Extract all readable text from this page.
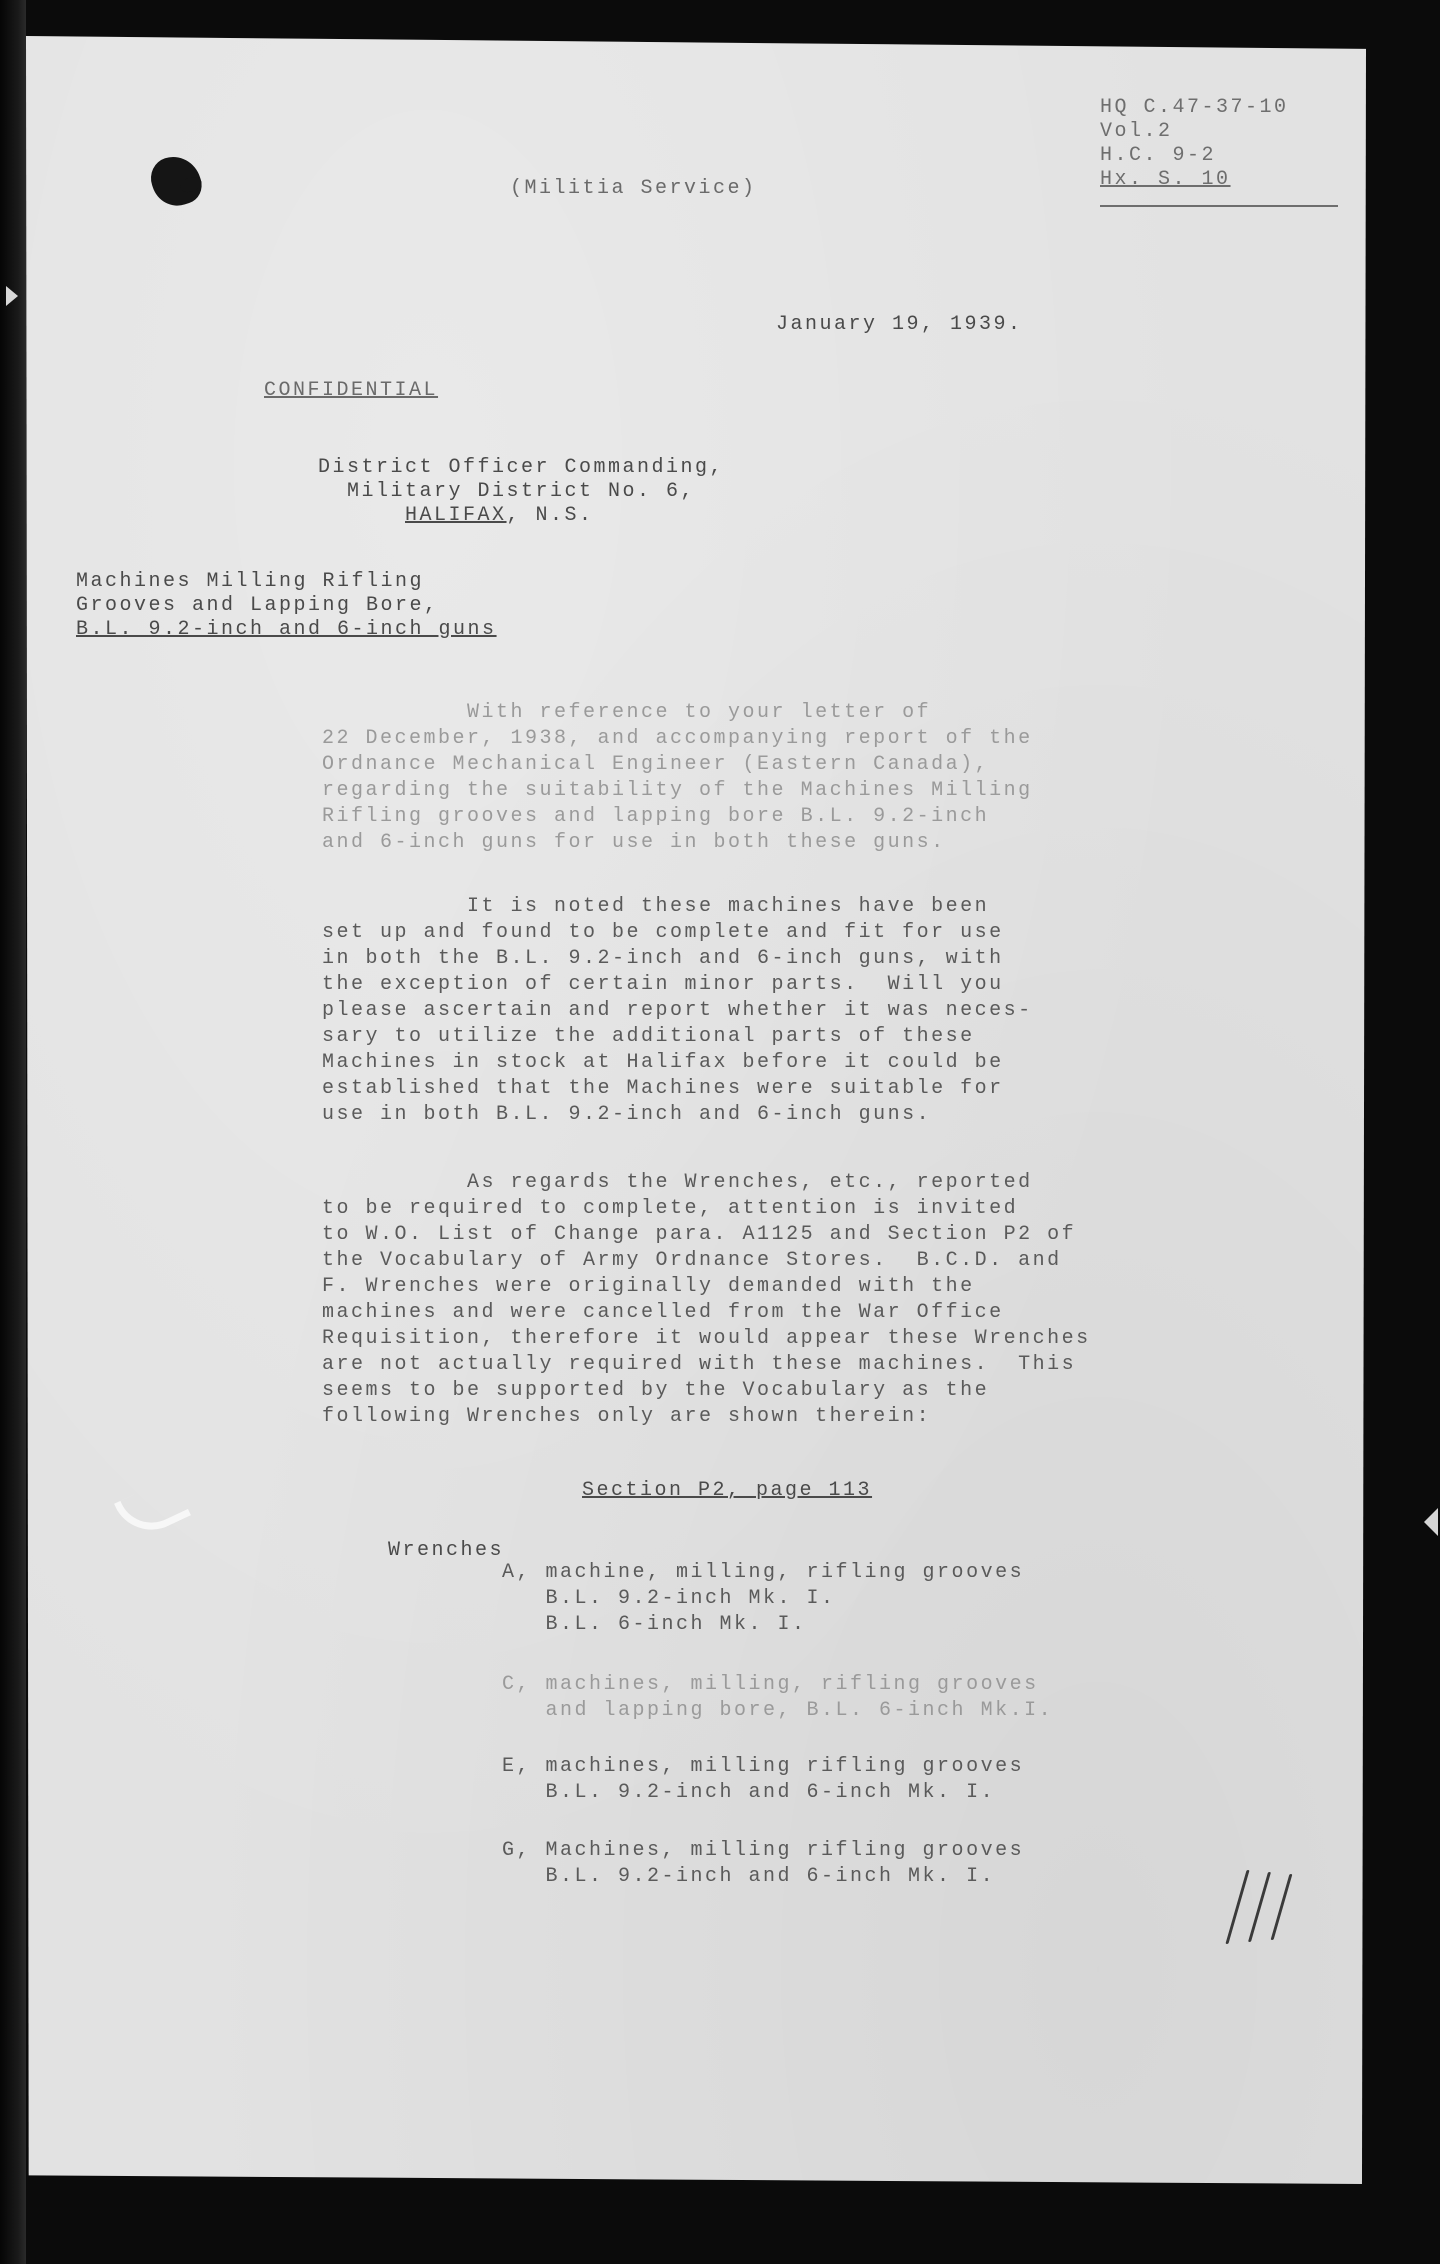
HQ C.47-37-10
Vol.2
H.C. 9-2
Hx. S. 10
(Militia Service)
January 19, 1939.
CONFIDENTIAL
District Officer Commanding,
Military District No. 6,
HALIFAX, N.S.
Machines Milling Rifling
Grooves and Lapping Bore,
B.L. 9.2-inch and 6-inch guns
With reference to your letter of
22 December, 1938, and accompanying report of the
Ordnance Mechanical Engineer (Eastern Canada),
regarding the suitability of the Machines Milling
Rifling grooves and lapping bore B.L. 9.2-inch
and 6-inch guns for use in both these guns.
It is noted these machines have been
set up and found to be complete and fit for use
in both the B.L. 9.2-inch and 6-inch guns, with
the exception of certain minor parts.  Will you
please ascertain and report whether it was neces-
sary to utilize the additional parts of these
Machines in stock at Halifax before it could be
established that the Machines were suitable for
use in both B.L. 9.2-inch and 6-inch guns.
As regards the Wrenches, etc., reported
to be required to complete, attention is invited
to W.O. List of Change para. A1125 and Section P2 of
the Vocabulary of Army Ordnance Stores.  B.C.D. and
F. Wrenches were originally demanded with the
machines and were cancelled from the War Office
Requisition, therefore it would appear these Wrenches
are not actually required with these machines.  This
seems to be supported by the Vocabulary as the
following Wrenches only are shown therein:
Section P2, page 113
Wrenches
A, machine, milling, rifling grooves
B.L. 9.2-inch Mk. I.
B.L. 6-inch Mk. I.
C, machines, milling, rifling grooves
and lapping bore, B.L. 6-inch Mk.I.
E, machines, milling rifling grooves
B.L. 9.2-inch and 6-inch Mk. I.
G, Machines, milling rifling grooves
B.L. 9.2-inch and 6-inch Mk. I.
